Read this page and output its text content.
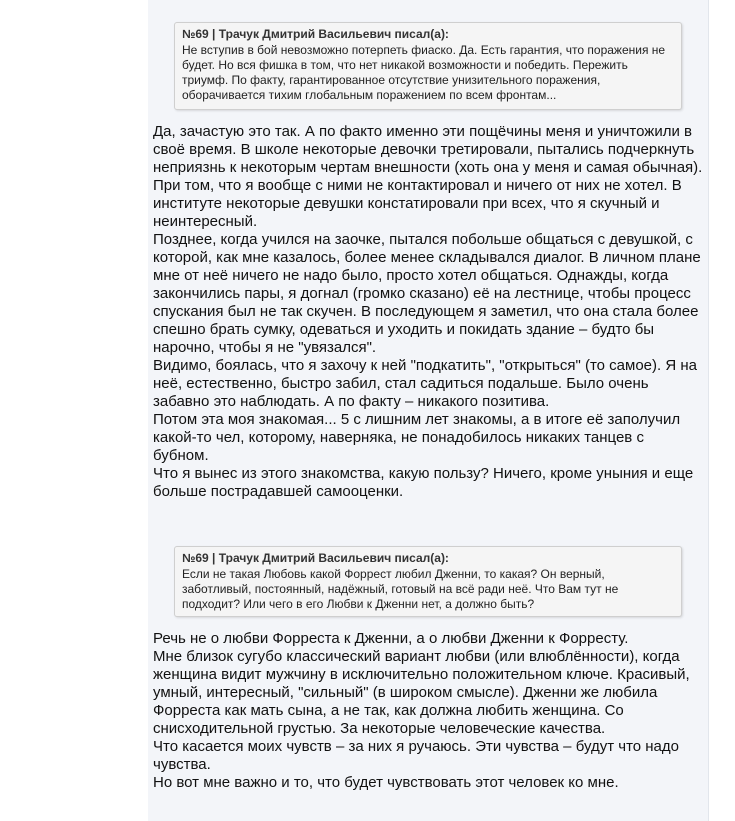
№69 | Трачук Дмитрий Васильевич писал(а):
Не вступив в бой невозможно потерпеть фиаско. Да. Есть гарантия, что поражения не будет. Но вся фишка в том, что нет никакой возможности и победить. Пережить триумф. По факту, гарантированное отсутствие унизительного поражения, оборачивается тихим глобальным поражением по всем фронтам...

Да, зачастую это так. А по факто именно эти пощёчины меня и уничтожили в своё время. В школе некоторые девочки третировали, пытались подчеркнуть неприязнь к некоторым чертам внешности (хоть она у меня и самая обычная). При том, что я вообще с ними не контактировал и ничего от них не хотел. В институте некоторые девушки констатировали при всех, что я скучный и неинтересный.

Позднее, когда учился на заочке, пытался побольше общаться с девушкой, с которой, как мне казалось, более менее складывался диалог. В личном плане мне от неё ничего не надо было, просто хотел общаться. Однажды, когда закончились пары, я догнал (громко сказано) её на лестнице, чтобы процесс спускания был не так скучен. В последующем я заметил, что она стала более спешно брать сумку, одеваться и уходить и покидать здание – будто бы нарочно, чтобы я не "увязался".

Видимо, боялась, что я захочу к ней "подкатить", "открыться" (то самое). Я на неё, естественно, быстро забил, стал садиться подальше. Было очень забавно это наблюдать. А по факту – никакого позитива.

Потом эта моя знакомая... 5 с лишним лет знакомы, а в итоге её заполучил какой-то чел, которому, наверняка, не понадобилось никаких танцев с бубном.

Что я вынес из этого знакомства, какую пользу? Ничего, кроме уныния и еще больше пострадавшей самооценки.

№69 | Трачук Дмитрий Васильевич писал(а):
Если не такая Любовь какой Форрест любил Дженни, то какая? Он верный, заботливый, постоянный, надёжный, готовый на всё ради неё. Что Вам тут не подходит? Или чего в его Любви к Дженни нет, а должно быть?

Речь не о любви Форреста к Дженни, а о любви Дженни к Форресту.

Мне близок сугубо классический вариант любви (или влюблённости), когда женщина видит мужчину в исключительно положительном ключе. Красивый, умный, интересный, "сильный" (в широком смысле). Дженни же любила Форреста как мать сына, а не так, как должна любить женщина. Со снисходительной грустью. За некоторые человеческие качества.

Что касается моих чувств – за них я ручаюсь. Эти чувства – будут что надо чувства.

Но вот мне важно и то, что будет чувствовать этот человек ко мне.
